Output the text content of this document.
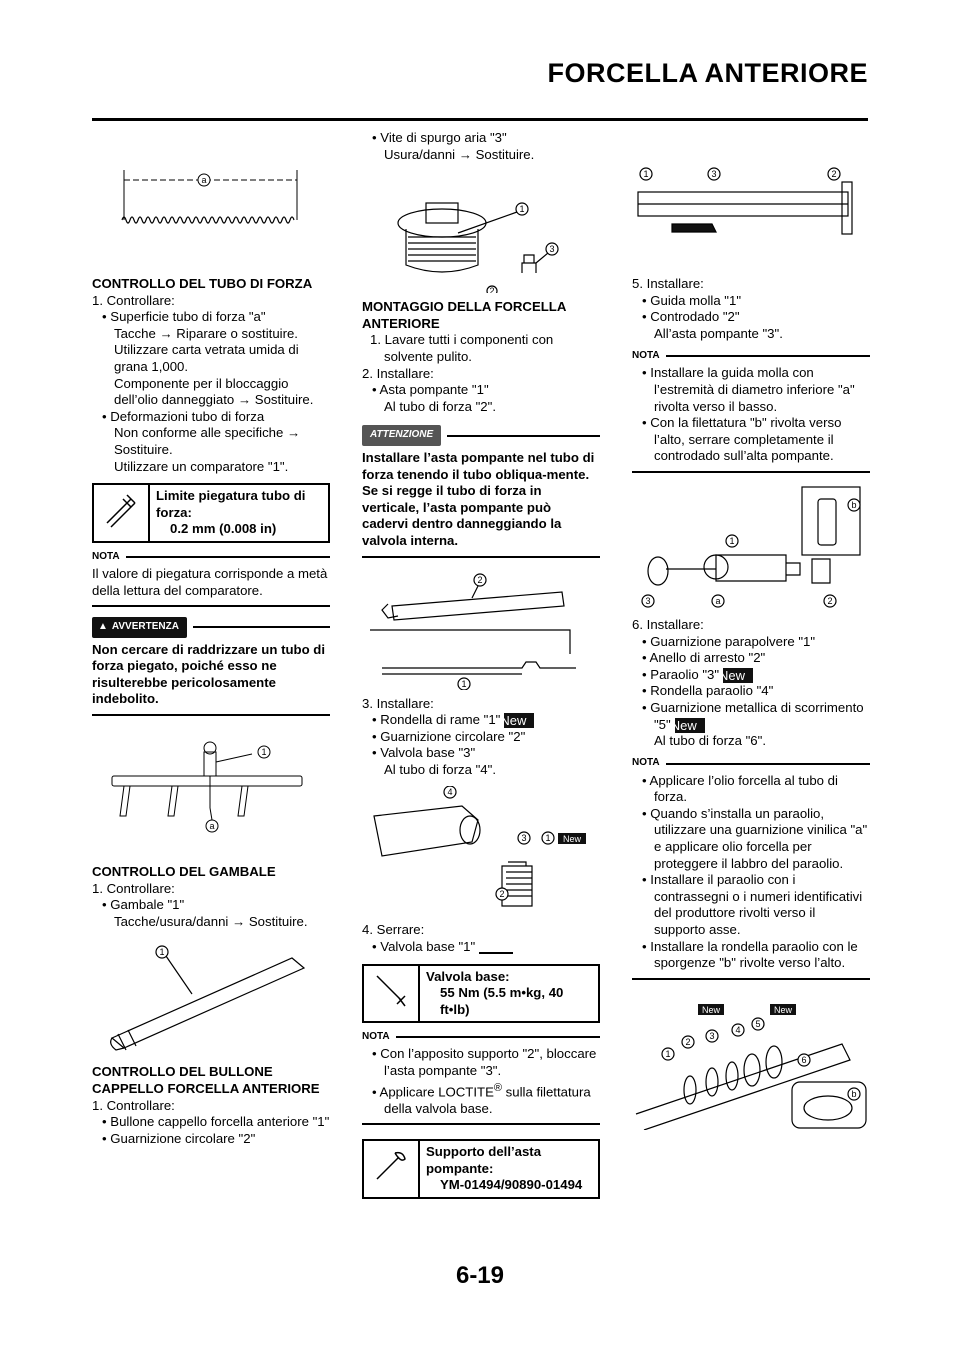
FORCELLA ANTERIORE
a
CONTROLLO DEL TUBO DI FORZA
1. Controllare:
• Superficie tubo di forza "a"
Tacche → Riparare o sostituire.
Utilizzare carta vetrata umida di grana 1,000.
Componente per il bloccaggio dell’olio danneggiato → Sostituire.
• Deformazioni tubo di forza
Non conforme alle specifiche → Sostituire.
Utilizzare un comparatore "1".
Limite piegatura tubo di forza:
0.2 mm (0.008 in)
NOTA
Il valore di piegatura corrisponde a metà della lettura del comparatore.
▲ AVVERTENZA
Non cercare di raddrizzare un tubo di forza piegato, poiché esso ne risulterebbe pericolosamente indebolito.
1
a
CONTROLLO DEL GAMBALE
1. Controllare:
• Gambale "1"
Tacche/usura/danni → Sostituire.
1
CONTROLLO DEL BULLONE CAPPELLO FORCELLA ANTERIORE
1. Controllare:
• Bullone cappello forcella anteriore "1"
• Guarnizione circolare "2"
• Vite di spurgo aria "3"
Usura/danni → Sostituire.
1
3
2
MONTAGGIO DELLA FORCELLA ANTERIORE
1. Lavare tutti i componenti con solvente pulito.
2. Installare:
• Asta pompante "1"
Al tubo di forza "2".
ATTENZIONE
Installare l’asta pompante nel tubo di forza tenendo il tubo obliqua-mente. Se si regge il tubo di forza in verticale, l’asta pompante può cadervi dentro danneggiando la valvola interna.
2
1
3. Installare:
• Rondella di rame "1"New
• Guarnizione circolare "2"
• Valvola base "3"
Al tubo di forza "4".
4
3 1 New
2
4. Serrare:
• Valvola base "1"
Valvola base:
55 Nm (5.5 m•kg, 40 ft•lb)
NOTA
• Con l’apposito supporto "2", bloccare l’asta pompante "3".
• Applicare LOCTITE® sulla filettatura della valvola base.
Supporto dell’asta pompante:
YM-01494/90890-01494
1	3	2
5. Installare:
• Guida molla "1"
• Controdado "2"
All’asta pompante "3".
NOTA
• Installare la guida molla con l’estremità di diametro inferiore "a" rivolta verso il basso.
• Con la filettatura "b" rivolta verso l’alto, serrare completamente il controdado sull’alta pompante.
b
1
3	a	2
6. Installare:
• Guarnizione parapolvere "1"
• Anello di arresto "2"
• Paraolio "3"New
• Rondella paraolio "4"
• Guarnizione metallica di scorrimento "5"New
Al tubo di forza "6".
NOTA
• Applicare l’olio forcella al tubo di forza.
• Quando s’installa un paraolio, utilizzare una guarnizione vinilica "a" e applicare olio forcella per proteggere il labbro del paraolio.
• Installare il paraolio con i contrassegni o i numeri identificativi del produttore rivolti verso il supporto asse.
• Installare la rondella paraolio con le sporgenze "b" rivolte verso l’alto.
New	New
1
2
3
4
5
6
b
6-19
